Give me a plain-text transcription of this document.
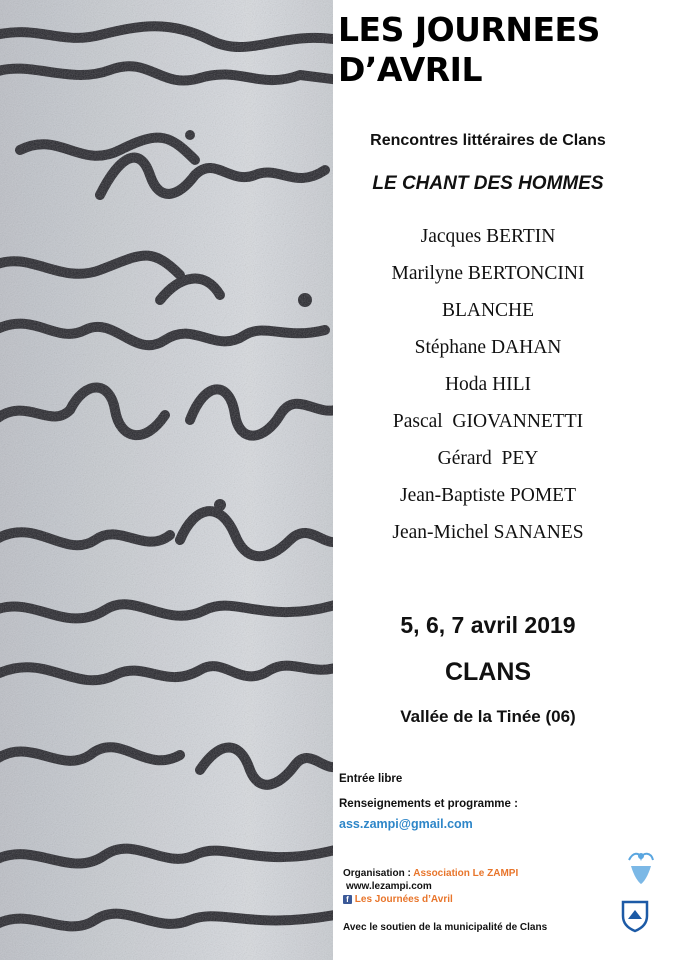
LES JOURNEES
D’AVRIL
Rencontres littéraires de Clans
LE CHANT DES HOMMES
Jacques BERTIN
Marilyne BERTONCINI
BLANCHE
Stéphane DAHAN
Hoda HILI
Pascal  GIOVANNETTI
Gérard  PEY
Jean-Baptiste POMET
Jean-Michel SANANES
5, 6, 7 avril 2019
CLANS
Vallée de la Tinée (06)
Entrée libre
Renseignements et programme :
ass.zampi@gmail.com
Organisation : Association Le ZAMPI
www.lezampi.com
f Les Journées d’Avril
Avec le soutien de la municipalité de Clans
